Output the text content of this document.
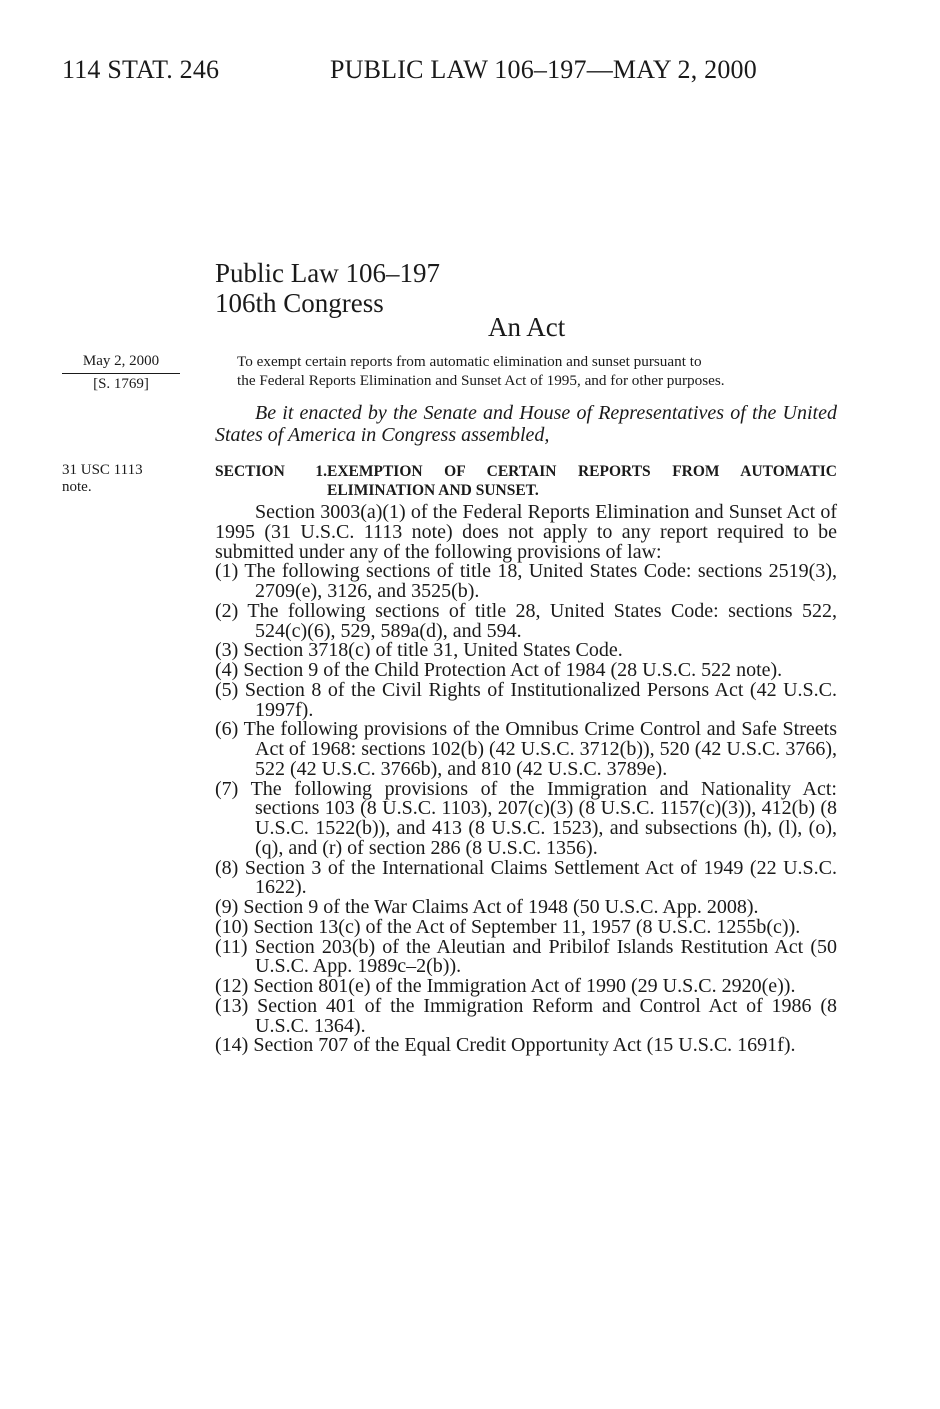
114 STAT. 246	PUBLIC LAW 106–197—MAY 2, 2000
Public Law 106–197
106th Congress
An Act
May 2, 2000
[S. 1769]
To exempt certain reports from automatic elimination and sunset pursuant to
the Federal Reports Elimination and Sunset Act of 1995, and for other purposes.
Be it enacted by the Senate and House of Representatives of the United States of America in Congress assembled,
31 USC 1113
note.
SECTION 1.EXEMPTION OF CERTAIN REPORTS FROM AUTOMATIC
ELIMINATION AND SUNSET.

Section 3003(a)(1) of the Federal Reports Elimination and Sunset Act of 1995 (31 U.S.C. 1113 note) does not apply to any report required to be submitted under any of the following provisions of law:

(1) The following sections of title 18, United States Code: sections 2519(3), 2709(e), 3126, and 3525(b).

(2) The following sections of title 28, United States Code: sections 522, 524(c)(6), 529, 589a(d), and 594.

(3) Section 3718(c) of title 31, United States Code.

(4) Section 9 of the Child Protection Act of 1984 (28 U.S.C. 522 note).

(5) Section 8 of the Civil Rights of Institutionalized Persons Act (42 U.S.C. 1997f).

(6) The following provisions of the Omnibus Crime Control and Safe Streets Act of 1968: sections 102(b) (42 U.S.C. 3712(b)), 520 (42 U.S.C. 3766), 522 (42 U.S.C. 3766b), and 810 (42 U.S.C. 3789e).

(7) The following provisions of the Immigration and Nationality Act: sections 103 (8 U.S.C. 1103), 207(c)(3) (8 U.S.C. 1157(c)(3)), 412(b) (8 U.S.C. 1522(b)), and 413 (8 U.S.C. 1523), and subsections (h), (l), (o), (q), and (r) of section 286 (8 U.S.C. 1356).

(8) Section 3 of the International Claims Settlement Act of 1949 (22 U.S.C. 1622).

(9) Section 9 of the War Claims Act of 1948 (50 U.S.C. App. 2008).

(10) Section 13(c) of the Act of September 11, 1957 (8 U.S.C. 1255b(c)).

(11) Section 203(b) of the Aleutian and Pribilof Islands Restitution Act (50 U.S.C. App. 1989c–2(b)).

(12) Section 801(e) of the Immigration Act of 1990 (29 U.S.C. 2920(e)).

(13) Section 401 of the Immigration Reform and Control Act of 1986 (8 U.S.C. 1364).

(14) Section 707 of the Equal Credit Opportunity Act (15 U.S.C. 1691f).
